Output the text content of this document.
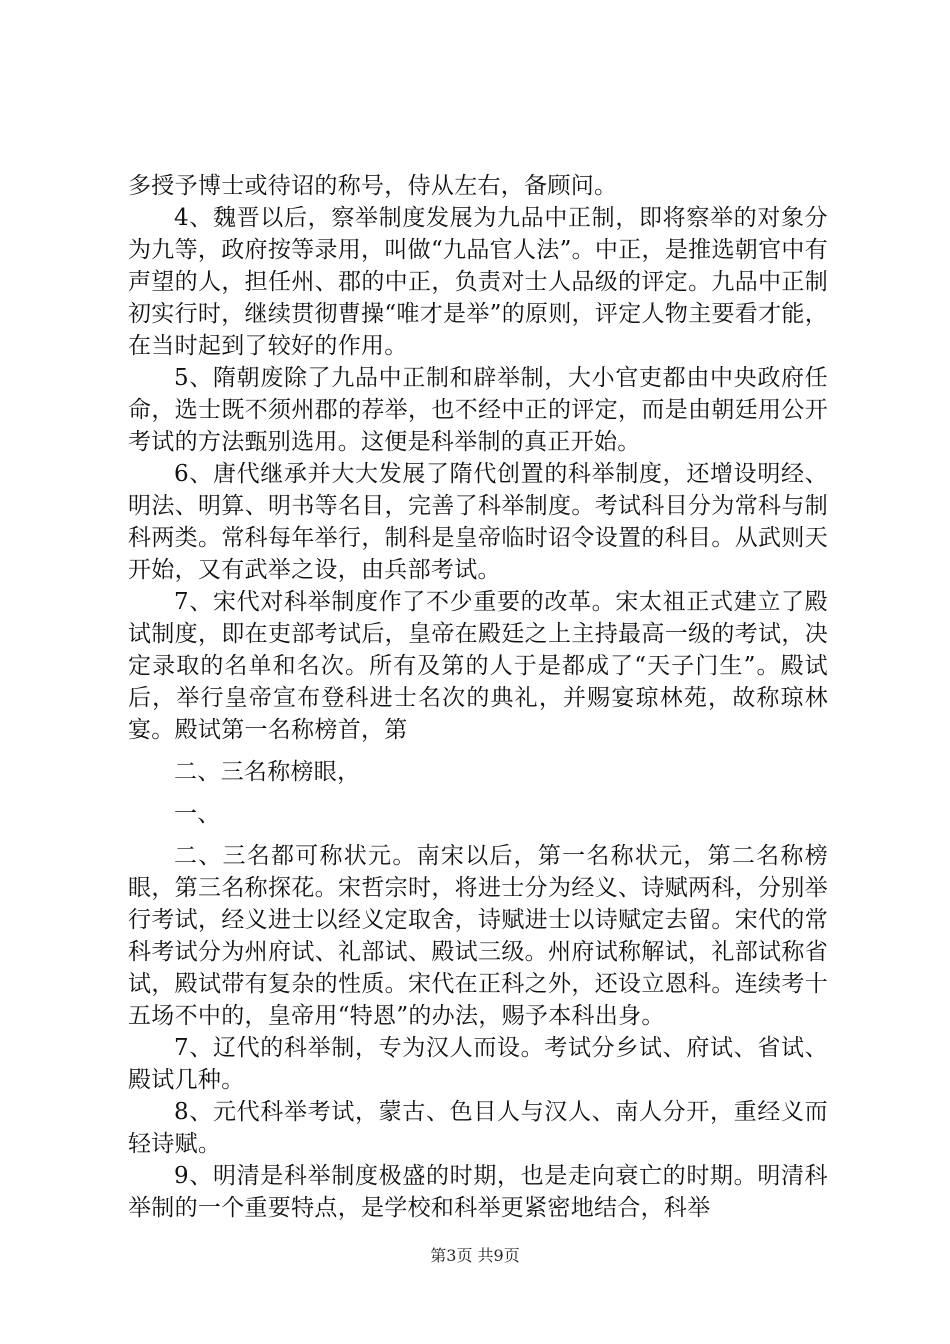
多授予博士或待诏的称号，侍从左右，备顾问。

4、魏晋以后，察举制度发展为九品中正制，即将察举的对象分为九等，政府按等录用，叫做“九品官人法”。中正，是推选朝官中有声望的人，担任州、郡的中正，负责对士人品级的评定。九品中正制初实行时，继续贯彻曹操“唯才是举”的原则，评定人物主要看才能，在当时起到了较好的作用。

5、隋朝废除了九品中正制和辟举制，大小官吏都由中央政府任命，选士既不须州郡的荐举，也不经中正的评定，而是由朝廷用公开考试的方法甄别选用。这便是科举制的真正开始。

6、唐代继承并大大发展了隋代创置的科举制度，还增设明经、明法、明算、明书等名目，完善了科举制度。考试科目分为常科与制科两类。常科每年举行，制科是皇帝临时诏令设置的科目。从武则天开始，又有武举之设，由兵部考试。

7、宋代对科举制度作了不少重要的改革。宋太祖正式建立了殿试制度，即在吏部考试后，皇帝在殿廷之上主持最高一级的考试，决定录取的名单和名次。所有及第的人于是都成了“天子门生”。殿试后，举行皇帝宣布登科进士名次的典礼，并赐宴琼林苑，故称琼林宴。殿试第一名称榜首，第

二、三名称榜眼，

一、

二、三名都可称状元。南宋以后，第一名称状元，第二名称榜眼，第三名称探花。宋哲宗时，将进士分为经义、诗赋两科，分别举行考试，经义进士以经义定取舍，诗赋进士以诗赋定去留。宋代的常科考试分为州府试、礼部试、殿试三级。州府试称解试，礼部试称省试，殿试带有复杂的性质。宋代在正科之外，还设立恩科。连续考十五场不中的，皇帝用“特恩”的办法，赐予本科出身。

7、辽代的科举制，专为汉人而设。考试分乡试、府试、省试、殿试几种。

8、元代科举考试，蒙古、色目人与汉人、南人分开，重经义而轻诗赋。

9、明清是科举制度极盛的时期，也是走向衰亡的时期。明清科举制的一个重要特点，是学校和科举更紧密地结合，科举

第3页 共9页
